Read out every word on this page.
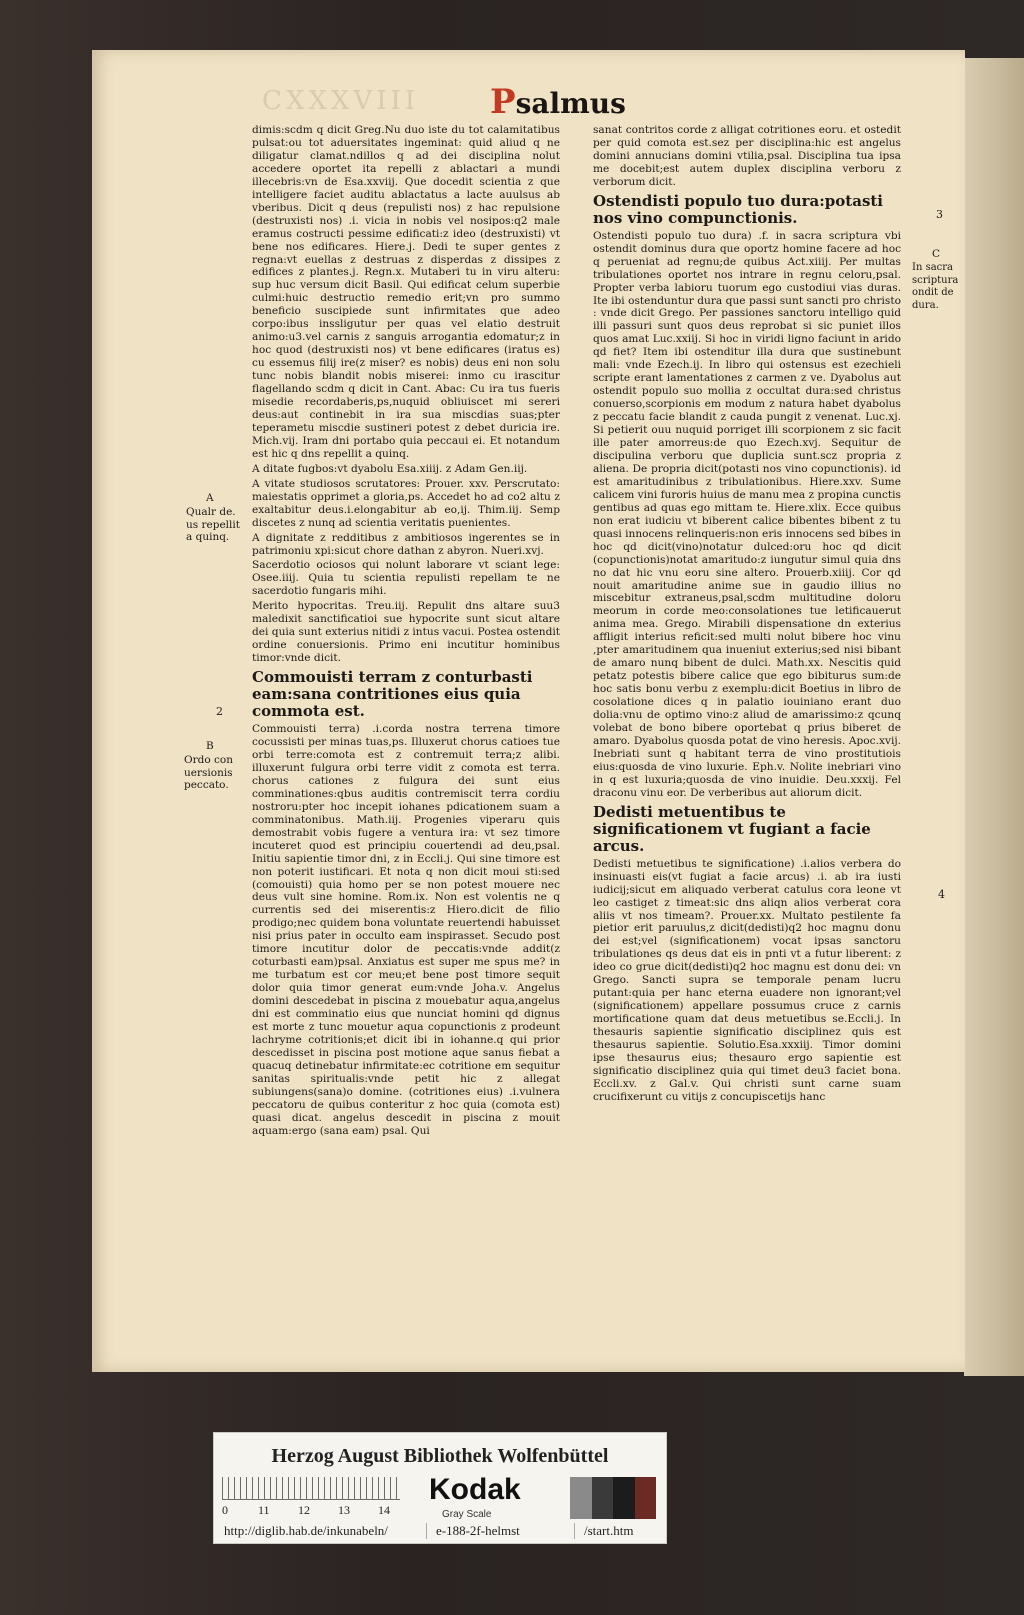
CXXXVIII	Psalmus

dimis:scdm q dicit Greg.Nu duo iste du tot calamitatibus pulsat:ou tot aduersitates ingeminat: quid aliud q ne diligatur clamat.ndillos q ad dei disciplina nolut accedere oportet ita repelli z ablactari a mundi illecebris:vn de Esa.xxviij. Que docedit scientia z que intelligere faciet auditu ablactatus a lacte auulsus ab vberibus. Dicit q deus (repulisti nos) z hac repulsione (destruxisti nos) .i. vicia in nobis vel nosipos:q2 male eramus costructi pessime edificati:z ideo (destruxisti) vt bene nos edificares. Hiere.j. Dedi te super gentes z regna:vt euellas z destruas z disperdas z dissipes z edifices z plantes.j. Regn.x. Mutaberi tu in viru alteru: sup huc versum dicit Basil. Qui edificat celum superbie culmi:huic destructio remedio erit;vn pro summo beneficio suscipiede sunt infirmitates que adeo corpo:ibus inssligutur per quas vel elatio destruit animo:u3.vel carnis z sanguis arrogantia edomatur;z in hoc quod (destruxisti nos) vt bene edificares (iratus es) cu essemus filij ire(z miser? es nobis) deus eni non solu tunc nobis blandit nobis miserei: inmo cu irascitur flagellando scdm q dicit in Cant. Abac: Cu ira tus fueris misedie recordaberis,ps,nuquid obliuiscet mi sereri deus:aut continebit in ira sua miscdias suas;pter teperametu miscdie sustineri potest z debet duricia ire. Mich.vij. Iram dni portabo quia peccaui ei. Et notandum est hic q dns repellit a quinq.

A ditate fugbos:vt dyabolu Esa.xiiij. z Adam Gen.iij.

A vitate studiosos scrutatores: Prouer. xxv. Perscrutato: maiestatis opprimet a gloria,ps. Accedet ho ad co2 altu z exaltabitur deus.i.elongabitur ab eo,ij. Thim.iij. Semp discetes z nunq ad scientia veritatis puenientes.

A dignitate z redditibus z ambitiosos ingerentes se in patrimoniu xpi:sicut chore dathan z abyron. Nueri.xvj.

Sacerdotio ociosos qui nolunt laborare vt sciant lege: Osee.iiij. Quia tu scientia repulisti repellam te ne sacerdotio fungaris mihi.

Merito hypocritas. Treu.iij. Repulit dns altare suu3 maledixit sanctificatioi sue hypocrite sunt sicut altare dei quia sunt exterius nitidi z intus vacui. Postea ostendit ordine conuersionis. Primo eni incutitur hominibus timor:vnde dicit.

Commouisti terram z conturbasti eam:sana contritiones eius quia commota est.

Commouisti terra) .i.corda nostra terrena timore cocussisti per minas tuas,ps. Illuxerut chorus catioes tue orbi terre:comota est z contremuit terra;z alibi. illuxerunt fulgura orbi terre vidit z comota est terra. chorus cationes z fulgura dei sunt eius comminationes:qbus auditis contremiscit terra cordiu nostroru:pter hoc incepit iohanes pdicationem suam a comminatonibus. Math.iij. Progenies viperaru quis demostrabit vobis fugere a ventura ira: vt sez timore incuteret quod est principiu couertendi ad deu,psal. Initiu sapientie timor dni, z in Eccli.j. Qui sine timore est non poterit iustificari. Et nota q non dicit moui sti:sed (comouisti) quia homo per se non potest mouere nec deus vult sine homine. Rom.ix. Non est volentis ne q currentis sed dei miserentis:z Hiero.dicit de filio prodigo;nec quidem bona voluntate reuertendi habuisset nisi prius pater in occulto eam inspirasset. Secudo post timore incutitur dolor de peccatis:vnde addit(z coturbasti eam)psal. Anxiatus est super me spus me? in me turbatum est cor meu;et bene post timore sequit dolor quia timor generat eum:vnde Joha.v. Angelus domini descedebat in piscina z mouebatur aqua,angelus dni est comminatio eius que nunciat homini qd dignus est morte z tunc mouetur aqua copunctionis z prodeunt lachryme cotritionis;et dicit ibi in iohanne.q qui prior descedisset in piscina post motione aque sanus fiebat a quacuq detinebatur infirmitate:ec cotritione em sequitur sanitas spiritualis:vnde petit hic z allegat subiungens(sana)o domine. (cotritiones eius) .i.vulnera peccatoru de quibus conteritur z hoc quia (comota est) quasi dicat. angelus descedit in piscina z mouit aquam:ergo (sana eam) psal. Qui

sanat contritos corde z alligat cotritiones eoru. et ostedit per quid comota est.sez per disciplina:hic est angelus domini annucians domini vtilia,psal. Disciplina tua ipsa me docebit;est autem duplex disciplina verboru z verborum dicit.

Ostendisti populo tuo dura:potasti nos vino compunctionis.

Ostendisti populo tuo dura) .f. in sacra scriptura vbi ostendit dominus dura que oportz homine facere ad hoc q perueniat ad regnu;de quibus Act.xiiij. Per multas tribulationes oportet nos intrare in regnu celoru,psal. Propter verba labioru tuorum ego custodiui vias duras. Ite ibi ostenduntur dura que passi sunt sancti pro christo : vnde dicit Grego. Per passiones sanctoru intelligo quid illi passuri sunt quos deus reprobat si sic puniet illos quos amat Luc.xxiij. Si hoc in viridi ligno faciunt in arido qd fiet? Item ibi ostenditur illa dura que sustinebunt mali: vnde Ezech.ij. In libro qui ostensus est ezechieli scripte erant lamentationes z carmen z ve. Dyabolus aut ostendit populo suo mollia z occultat dura:sed christus conuerso,scorpionis em modum z natura habet dyabolus z peccatu facie blandit z cauda pungit z venenat. Luc.xj. Si petierit ouu nuquid porriget illi scorpionem z sic facit ille pater amorreus:de quo Ezech.xvj. Sequitur de discipulina verboru que duplicia sunt.scz propria z aliena. De propria dicit(potasti nos vino copunctionis). id est amaritudinibus z tribulationibus. Hiere.xxv. Sume calicem vini furoris huius de manu mea z propina cunctis gentibus ad quas ego mittam te. Hiere.xlix. Ecce quibus non erat iudiciu vt biberent calice bibentes bibent z tu quasi innocens relinqueris:non eris innocens sed bibes in hoc qd dicit(vino)notatur dulced:oru hoc qd dicit (copunctionis)notat amaritudo:z iungutur simul quia dns no dat hic vnu eoru sine altero. Prouerb.xiiij. Cor qd nouit amaritudine anime sue in gaudio illius no miscebitur extraneus,psal,scdm multitudine doloru meorum in corde meo:consolationes tue letificauerut anima mea. Grego. Mirabili dispensatione dn exterius affligit interius reficit:sed multi nolut bibere hoc vinu ,pter amaritudinem qua inueniut exterius;sed nisi bibant de amaro nunq bibent de dulci. Math.xx. Nescitis quid petatz potestis bibere calice que ego bibiturus sum:de hoc satis bonu verbu z exemplu:dicit Boetius in libro de cosolatione dices q in palatio iouiniano erant duo dolia:vnu de optimo vino:z aliud de amarissimo:z qcunq volebat de bono bibere oportebat q prius biberet de amaro. Dyabolus quosda potat de vino heresis. Apoc.xvij. Inebriati sunt q habitant terra de vino prostitutiois eius:quosda de vino luxurie. Eph.v. Nolite inebriari vino in q est luxuria;quosda de vino inuidie. Deu.xxxij. Fel draconu vinu eor. De verberibus aut aliorum dicit.

Dedisti metuentibus te significationem vt fugiant a facie arcus.

Dedisti metuetibus te significatione) .i.alios verbera do insinuasti eis(vt fugiat a facie arcus) .i. ab ira iusti iudicij;sicut em aliquado verberat catulus cora leone vt leo castiget z timeat:sic dns aliqn alios verberat cora aliis vt nos timeam?. Prouer.xx. Multato pestilente fa pietior erit paruulus,z dicit(dedisti)q2 hoc magnu donu dei est;vel (significationem) vocat ipsas sanctoru tribulationes qs deus dat eis in pnti vt a futur liberent: z ideo co grue dicit(dedisti)q2 hoc magnu est donu dei: vn Grego. Sancti supra se temporale penam lucru putant:quia per hanc eterna euadere non ignorant;vel (significationem) appellare possumus cruce z carnis mortificatione quam dat deus metuetibus se.Eccli.j. In thesauris sapientie significatio disciplinez quis est thesaurus sapientie. Solutio.Esa.xxxiij. Timor domini ipse thesaurus eius; thesauro ergo sapientie est significatio disciplinez quia qui timet deu3 faciet bona. Eccli.xv. z Gal.v. Qui christi sunt carne suam crucifixerunt cu vitijs z concupiscetijs hanc

A
Qualr de. us repellit a quinq.
2
B
Ordo con uersionis peccato.
3
4
C
In sacra scriptura ondit de dura.
Herzog August Bibliothek Wolfenbüttel
0	11 12 13 14
Kodak
Gray Scale
http://diglib.hab.de/inkunabeln/	e-188-2f-helmst	/start.htm
